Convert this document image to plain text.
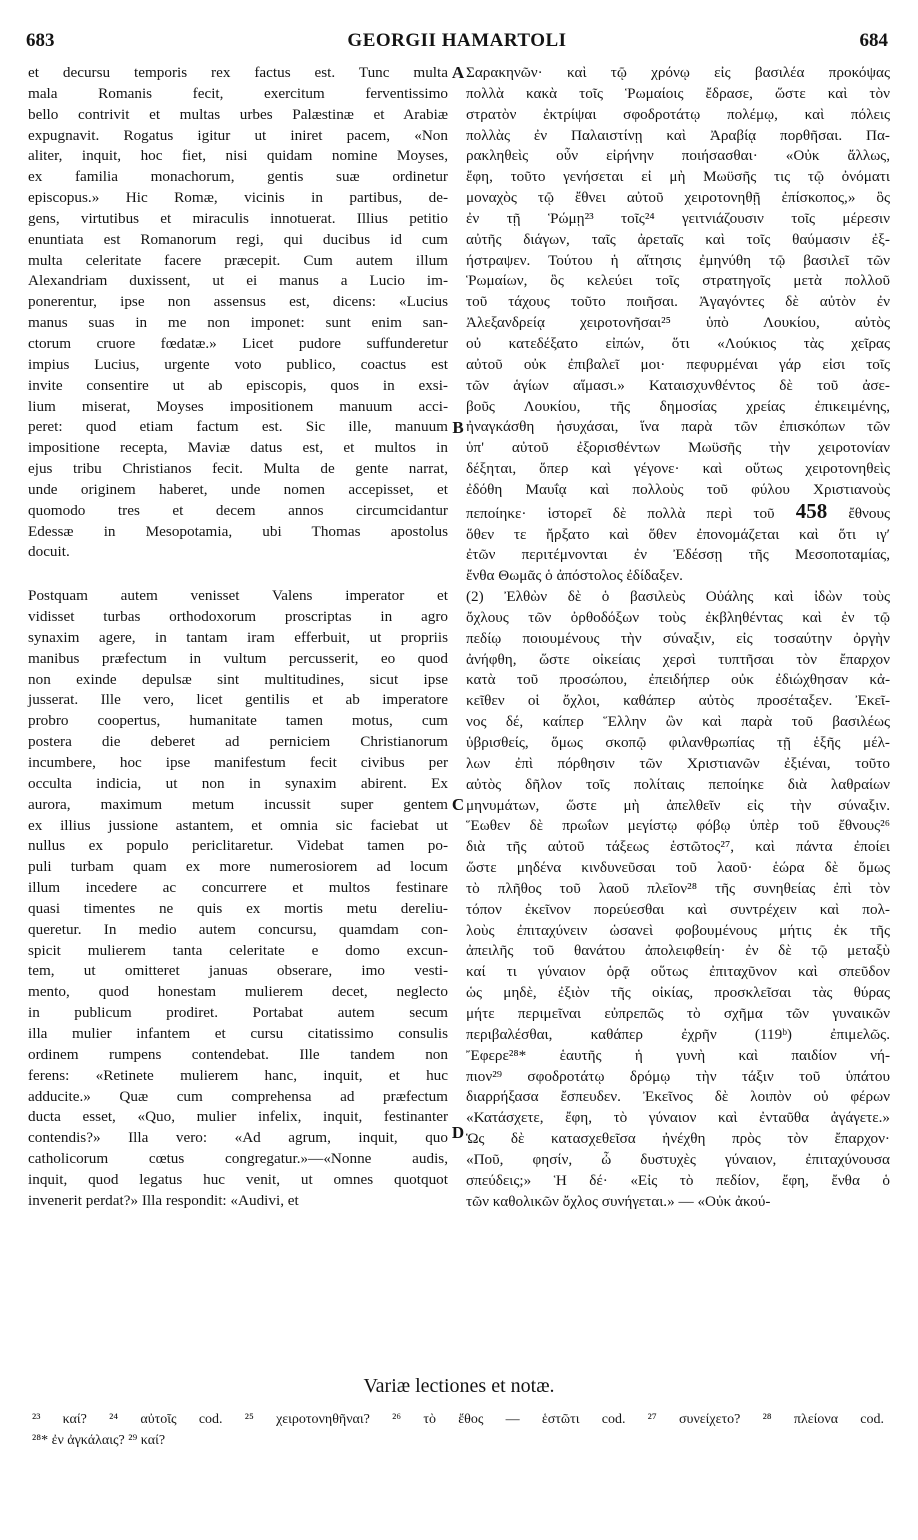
683	GEORGII HAMARTOLI	684

et decursu temporis rex factus est. Tunc multa

mala Romanis fecit, exercitum ferventissimo

bello contrivit et multas urbes Palæstinæ et Arabiæ

expugnavit. Rogatus igitur ut iniret pacem, «Non

aliter, inquit, hoc fiet, nisi quidam nomine Moyses,

ex familia monachorum, gentis suæ ordinetur

episcopus.» Hic Romæ, vicinis in partibus, de-

gens, virtutibus et miraculis innotuerat. Illius petitio

enuntiata est Romanorum regi, qui ducibus id cum

multa celeritate facere præcepit. Cum autem illum

Alexandriam duxissent, ut ei manus a Lucio im-

ponerentur, ipse non assensus est, dicens: «Lucius

manus suas in me non imponet: sunt enim san-

ctorum cruore fœdatæ.» Licet pudore suffunderetur

impius Lucius, urgente voto publico, coactus est

invite consentire ut ab episcopis, quos in exsi-

lium miserat, Moyses impositionem manuum acci-

peret: quod etiam factum est. Sic ille, manuum

impositione recepta, Maviæ datus est, et multos in

ejus tribu Christianos fecit. Multa de gente narrat,

unde originem haberet, unde nomen accepisset, et

quomodo tres et decem annos circumcidantur

Edessæ in Mesopotamia, ubi Thomas apostolus

docuit.

Postquam autem venisset Valens imperator et

vidisset turbas orthodoxorum proscriptas in agro

synaxim agere, in tantam iram efferbuit, ut propriis

manibus præfectum in vultum percusserit, eo quod

non exinde depulsæ sint multitudines, sicut ipse

jusserat. Ille vero, licet gentilis et ab imperatore

probro coopertus, humanitate tamen motus, cum

postera die deberet ad perniciem Christianorum

incumbere, hoc ipse manifestum fecit civibus per

occulta indicia, ut non in synaxim abirent. Ex

aurora, maximum metum incussit super gentem

ex illius jussione astantem, et omnia sic faciebat ut

nullus ex populo periclitaretur. Videbat tamen po-

puli turbam quam ex more numerosiorem ad locum

illum incedere ac concurrere et multos festinare

quasi timentes ne quis ex mortis metu dereliu-

queretur. In medio autem concursu, quamdam con-

spicit mulierem tanta celeritate e domo excun-

tem, ut omitteret januas obserare, imo vesti-

mento, quod honestam mulierem decet, neglecto

in publicum prodiret. Portabat autem secum

illa mulier infantem et cursu citatissimo consulis

ordinem rumpens contendebat. Ille tandem non

ferens: «Retinete mulierem hanc, inquit, et huc

adducite.» Quæ cum comprehensa ad præfectum

ducta esset, «Quo, mulier infelix, inquit, festinanter

contendis?» Illa vero: «Ad agrum, inquit, quo

catholicorum cœtus congregatur.»—«Nonne audis,

inquit, quod legatus huc venit, ut omnes quotquot

invenerit perdat?» Illa respondit: «Audivi, et

A
B
C
D

Σαρακηνῶν· καὶ τῷ χρόνῳ εἰς βασιλέα προκόψας

πολλὰ κακὰ τοῖς Ῥωμαίοις ἔδρασε, ὥστε καὶ τὸν

στρατὸν ἐκτρίψαι σφοδροτάτῳ πολέμῳ, καὶ πόλεις

πολλὰς ἐν Παλαιστίνῃ καὶ Ἀραβίᾳ πορθῆσαι. Πα-

ρακληθεὶς οὖν εἰρήνην ποιήσασθαι· «Οὐκ ἄλλως,

ἔφη, τοῦτο γενήσεται εἰ μὴ Μωϋσῆς τις τῷ ὀνόματι

μοναχὸς τῷ ἔθνει αὐτοῦ χειροτονηθῇ ἐπίσκοπος,» ὃς

ἐν τῇ Ῥώμῃ²³ τοῖς²⁴ γειτνιάζουσιν τοῖς μέρεσιν

αὐτῆς διάγων, ταῖς ἀρεταῖς καὶ τοῖς θαύμασιν ἐξ-

ήστραψεν. Τούτου ἡ αἴτησις ἐμηνύθη τῷ βασιλεῖ τῶν

Ῥωμαίων, ὃς κελεύει τοῖς στρατηγοῖς μετὰ πολλοῦ

τοῦ τάχους τοῦτο ποιῆσαι. Ἀγαγόντες δὲ αὐτὸν ἐν

Ἀλεξανδρείᾳ χειροτονῆσαι²⁵ ὑπὸ Λουκίου, αὐτὸς

οὐ κατεδέξατο εἰπών, ὅτι «Λούκιος τὰς χεῖρας

αὐτοῦ οὐκ ἐπιβαλεῖ μοι· πεφυρμέναι γάρ εἰσι τοῖς

τῶν ἁγίων αἵμασι.» Καταισχυνθέντος δὲ τοῦ ἀσε-

βοῦς Λουκίου, τῆς δημοσίας χρείας ἐπικειμένης,

ἠναγκάσθη ἡσυχάσαι, ἵνα παρὰ τῶν ἐπισκόπων τῶν

ὑπ' αὐτοῦ ἐξορισθέντων Μωϋσῆς τὴν χειροτονίαν

δέξηται, ὅπερ καὶ γέγονε· καὶ οὕτως χειροτονηθεὶς

ἐδόθη Μαυΐᾳ καὶ πολλοὺς τοῦ φύλου Χριστιανοὺς

πεποίηκε· ἱστορεῖ δὲ πολλὰ περὶ τοῦ 458 ἔθνους

ὅθεν τε ἤρξατο καὶ ὅθεν ἐπονομάζεται καὶ ὅτι ιγʹ

ἐτῶν περιτέμνονται ἐν Ἐδέσσῃ τῆς Μεσοποταμίας,

ἔνθα Θωμᾶς ὁ ἀπόστολος ἐδίδαξεν.

(2) Ἐλθὼν δὲ ὁ βασιλεὺς Οὐάλης καὶ ἰδὼν τοὺς

ὄχλους τῶν ὀρθοδόξων τοὺς ἐκβληθέντας καὶ ἐν τῷ

πεδίῳ ποιουμένους τὴν σύναξιν, εἰς τοσαύτην ὀργὴν

ἀνήφθη, ὥστε οἰκείαις χερσὶ τυπτῆσαι τὸν ἔπαρχον

κατὰ τοῦ προσώπου, ἐπειδήπερ οὐκ ἐδιώχθησαν κἀ-

κεῖθεν οἱ ὄχλοι, καθάπερ αὐτὸς προσέταξεν. Ἐκεῖ-

νος δέ, καίπερ Ἕλλην ὢν καὶ παρὰ τοῦ βασιλέως

ὑβρισθείς, ὅμως σκοπῷ φιλανθρωπίας τῇ ἑξῆς μέλ-

λων ἐπὶ πόρθησιν τῶν Χριστιανῶν ἐξιέναι, τοῦτο

αὐτὸς δῆλον τοῖς πολίταις πεποίηκε διὰ λαθραίων

μηνυμάτων, ὥστε μὴ ἀπελθεῖν εἰς τὴν σύναξιν.

Ἕωθεν δὲ πρωΐων μεγίστῳ φόβῳ ὑπὲρ τοῦ ἔθνους²⁶

διὰ τῆς αὐτοῦ τάξεως ἑστῶτος²⁷, καὶ πάντα ἐποίει

ὥστε μηδένα κινδυνεῦσαι τοῦ λαοῦ· ἑώρα δὲ ὅμως

τὸ πλῆθος τοῦ λαοῦ πλεῖον²⁸ τῆς συνηθείας ἐπὶ τὸν

τόπον ἐκεῖνον πορεύεσθαι καὶ συντρέχειν καὶ πολ-

λοὺς ἐπιταχύνειν ὡσανεὶ φοβουμένους μήτις ἐκ τῆς

ἀπειλῆς τοῦ θανάτου ἀπολειφθείη· ἐν δὲ τῷ μεταξὺ

καί τι γύναιον ὁρᾷ οὕτως ἐπιταχῦνον καὶ σπεῦδον

ὡς μηδὲ, ἐξιὸν τῆς οἰκίας, προσκλεῖσαι τὰς θύρας

μήτε περιμεῖναι εὐπρεπῶς τὸ σχῆμα τῶν γυναικῶν

περιβαλέσθαι, καθάπερ ἐχρῆν (119ᵇ) ἐπιμελῶς.

Ἔφερε²⁸* ἑαυτῆς ἡ γυνὴ καὶ παιδίον νή-

πιον²⁹ σφοδροτάτῳ δρόμῳ τὴν τάξιν τοῦ ὑπάτου

διαρρήξασα ἔσπευδεν. Ἐκεῖνος δὲ λοιπὸν οὐ φέρων

«Κατάσχετε, ἔφη, τὸ γύναιον καὶ ἐνταῦθα ἀγάγετε.»

Ὡς δὲ κατασχεθεῖσα ἠνέχθη πρὸς τὸν ἔπαρχον·

«Ποῦ, φησίν, ὦ δυστυχὲς γύναιον, ἐπιταχύνουσα

σπεύδεις;» Ἡ δέ· «Εἰς τὸ πεδίον, ἔφη, ἔνθα ὁ

τῶν καθολικῶν ὄχλος συνήγεται.» — «Οὐκ ἀκού-

Variæ lectiones et notæ.
²³ καί? ²⁴ αὐτοῖς cod. ²⁵ χειροτονηθῆναι? ²⁶ τὸ ἔθος — ἑστῶτι cod. ²⁷ συνείχετο? ²⁸ πλείονα cod.
²⁸* ἐν ἀγκάλαις? ²⁹ καί?
